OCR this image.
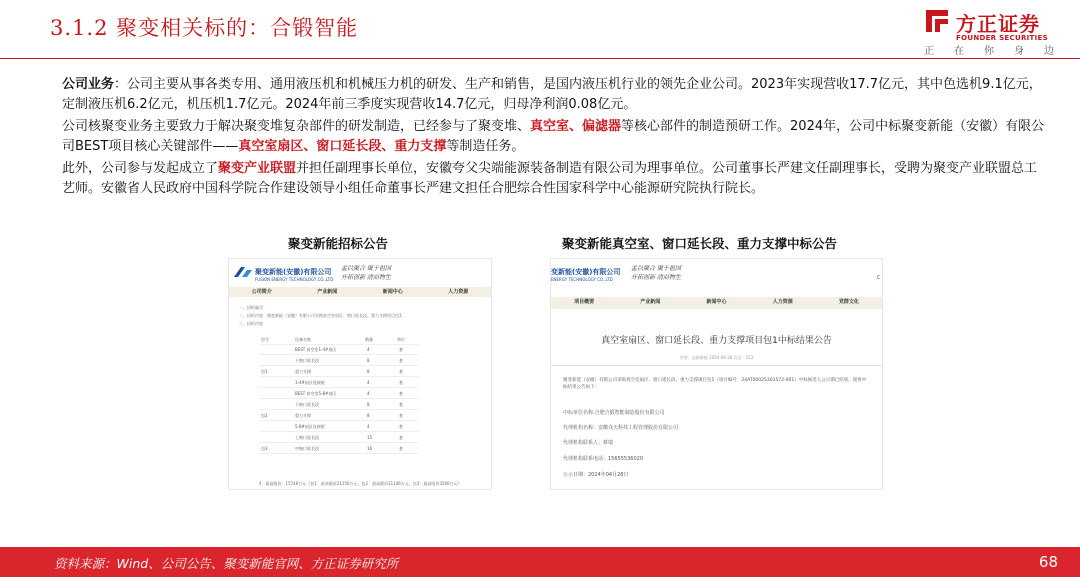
3.1.2 聚变相关标的：合锻智能	方正证券
FOUNDER SECURITIES
正 在 你 身 边

公司业务：公司主要从事各类专用、通用液压机和机械压力机的研发、生产和销售，是国内液压机行业的领先企业公司。2023年实现营收17.7亿元，其中色选机9.1亿元，定制液压机6.2亿元，机压机1.7亿元。2024年前三季度实现营收14.7亿元，归母净利润0.08亿元。

公司核聚变业务主要致力于解决聚变堆复杂部件的研发制造，已经参与了聚变堆、真空室、偏滤器等核心部件的制造预研工作。2024年，公司中标聚变新能（安徽）有限公司BEST项目核心关键部件——真空室扇区、窗口延长段、重力支撑等制造任务。

此外，公司参与发起成立了聚变产业联盟并担任副理事长单位，安徽夸父尖端能源装备制造有限公司为理事单位。公司董事长严建文任副理事长，受聘为聚变产业联盟总工艺师。安徽省人民政府中国科学院合作建设领导小组任命董事长严建文担任合肥综合性国家科学中心能源研究院执行院长。

聚变新能招标公告	聚变新能真空室、窗口延长段、重力支撑中标公告
聚变新能(安徽)有限公司
FUSION ENERGY TECHNOLOGY CO.,LTD
孟以聚合 聚于祖国
开拓创新 清而物生
公司简介	产业新闻	新闻中心	人力资源
一、招标编号：
二、招标内容：聚变新能（安徽）有限公司采购真空室扇区、窗口延长段、重力支撑项目包1
三、招标内容
包号	设备名称	数量	单位
BEST 真空室1-4#扇区	4	套
下窗口延长段	8	套
包1	重力支撑	8	套
1-4#扇区连接板	4	套
BEST 真空室5-8#扇区	4	套
下窗口延长段	8	套
包2	重力支撑	8	套
5-8#扇区连接板	4	套
上窗口延长段	15	套
包3	中窗口延长段	16	套
4、最高限价：15746万元（包1：最高限价21156万元，包2：最高限价21146万元，包3：最高限价3560万元）
变新能(安徽)有限公司
ENERGY TECHNOLOGY CO.,LTD
孟以聚合 聚于祖国
开拓创新 清而物生	C
项目概要	产业新闻	新闻中心	人力资源	党群文化
真空室扇区、窗口延长段、重力支撑项目包1中标结果公告
作者：品新新能 2024-04-28 点击：153
聚变新能（安徽）有限公司采购真空室扇区、窗口延长段、重力支撑项目包1（项目编号：24AT00025301572-001）中标候选人公示期已结束，现将中标结果公告如下：
中标单位名称:合肥合锻智能制造股份有限公司
代理机构名称：安徽众天科技工程管理股份有限公司
代理机构联系人：蔡瑞
代理机构联系电话：15655536020
公示日期：2024年04月28日
资料来源：Wind、公司公告、聚变新能官网、方正证券研究所	68
